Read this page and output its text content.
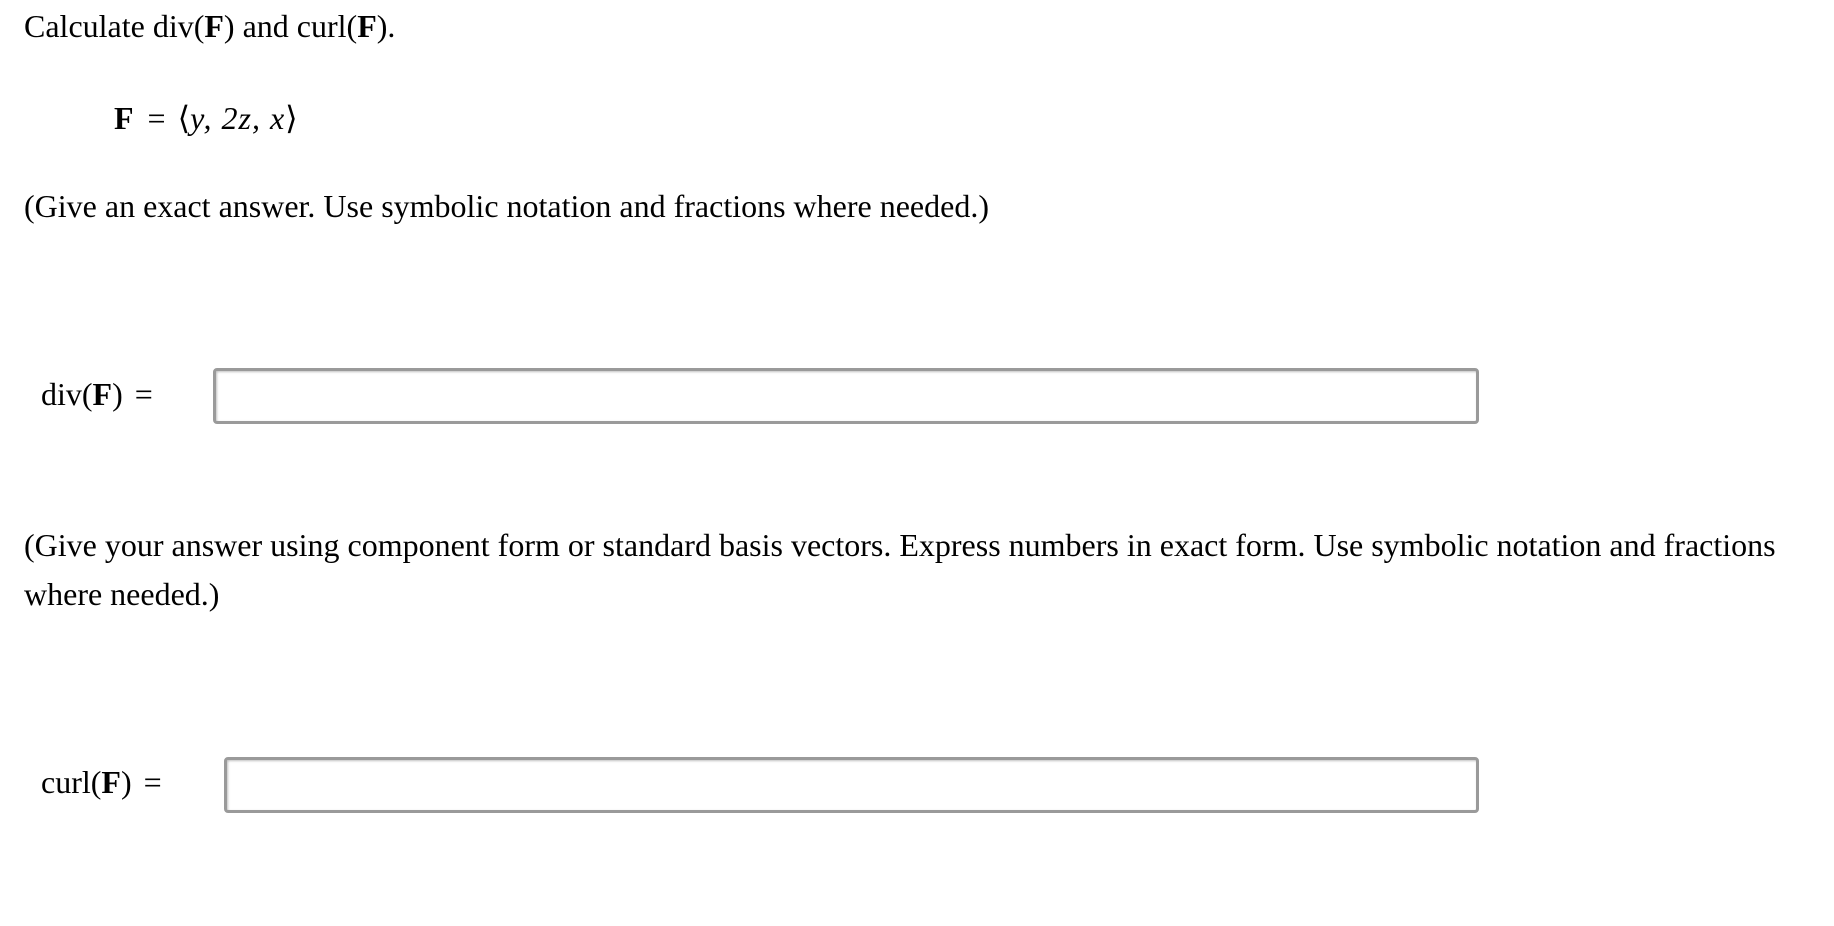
Calculate div(F) and curl(F).
F = ⟨y, 2z, x⟩
(Give an exact answer. Use symbolic notation and fractions where needed.)
div(F) =
(Give your answer using component form or standard basis vectors. Express numbers in exact form. Use symbolic notation and fractions where needed.)
curl(F) =
